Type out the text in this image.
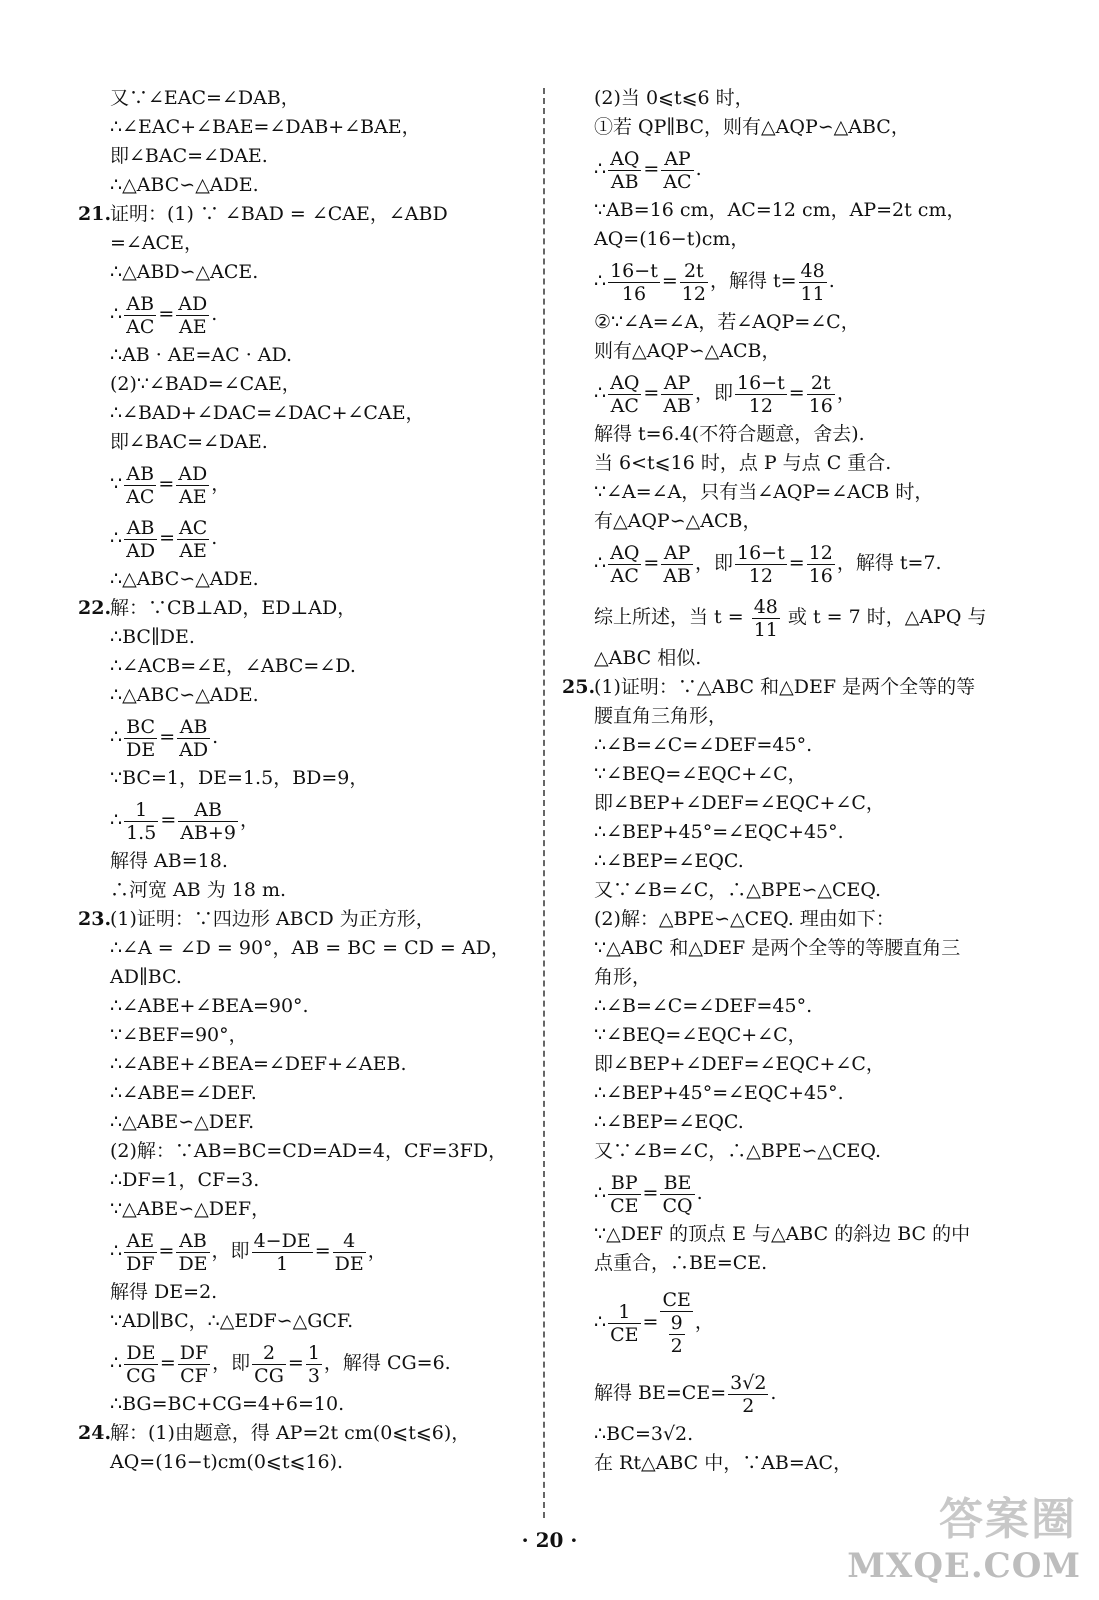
又∵∠EAC=∠DAB，
∴∠EAC+∠BAE=∠DAB+∠BAE，
即∠BAC=∠DAE.
∴△ABC∽△ADE.
21.证明：(1) ∵ ∠BAD = ∠CAE，∠ABD
=∠ACE，
∴△ABD∽△ACE.
∴ $\frac{AB}{AC} = \frac{AD}{AE}$ .
∴AB · AE=AC · AD.
(2)∵∠BAD=∠CAE，
∴∠BAD+∠DAC=∠DAC+∠CAE，
即∠BAC=∠DAE.
∵ $\frac{AB}{AC} = \frac{AD}{AE}$ ，
∴ $\frac{AB}{AD} = \frac{AC}{AE}$ .
∴△ABC∽△ADE.
22.解：∵CB⊥AD，ED⊥AD，
∴BC∥DE.
∴∠ACB=∠E，∠ABC=∠D.
∴△ABC∽△ADE.
∴ $\frac{BC}{DE} = \frac{AB}{AD}$ .
∵BC=1，DE=1.5，BD=9，
∴ $\frac{1}{1.5} = \frac{AB}{AB+9}$ ，
解得 AB=18.
∴河宽 AB 为 18 m.
23.(1)证明：∵四边形 ABCD 为正方形，
∴∠A = ∠D = 90°，AB = BC = CD = AD，
AD∥BC.
∴∠ABE+∠BEA=90°.
∵∠BEF=90°，
∴∠ABE+∠BEA=∠DEF+∠AEB.
∴∠ABE=∠DEF.
∴△ABE∽△DEF.
(2)解：∵AB=BC=CD=AD=4，CF=3FD，
∴DF=1，CF=3.
∵△ABE∽△DEF，
∴ $\frac{AE}{DF} = \frac{AB}{DE}$ ，即 $\frac{4-DE}{1} = \frac{4}{DE}$ ，
解得 DE=2.
∵AD∥BC，∴△EDF∽△GCF.
∴ $\frac{DE}{CG} = \frac{DF}{CF}$ ，即 $\frac{2}{CG} = \frac{1}{3}$ ，解得 CG=6.
∴BG=BC+CG=4+6=10.
24.解：(1)由题意，得 AP=2t cm(0⩽t⩽6)，
AQ=(16−t)cm(0⩽t⩽16).
(2)当 0⩽t⩽6 时，
①若 QP∥BC，则有△AQP∽△ABC，
∴ $\frac{AQ}{AB} = \frac{AP}{AC}$ .
∵AB=16 cm，AC=12 cm，AP=2t cm，
AQ=(16−t)cm，
∴ $\frac{16-t}{16} = \frac{2t}{12}$ ，解得 $t= \frac{48}{11}$ .
②∵∠A=∠A，若∠AQP=∠C，
则有△AQP∽△ACB，
∴ $\frac{AQ}{AC} = \frac{AP}{AB}$ ，即 $\frac{16-t}{12} = \frac{2t}{16}$ ，
解得 t=6.4(不符合题意，舍去).
当 6<t⩽16 时，点 P 与点 C 重合.
∵∠A=∠A，只有当∠AQP=∠ACB 时，
有△AQP∽△ACB，
∴ $\frac{AQ}{AC} = \frac{AP}{AB}$ ，即 $\frac{16-t}{12} = \frac{12}{16}$ ，解得 t=7.
综上所述，当 $t = \frac{48}{11}$ 或 t = 7 时，△APQ 与
△ABC 相似.
25.(1)证明：∵△ABC 和△DEF 是两个全等的等
腰直角三角形，
∴∠B=∠C=∠DEF=45°.
∵∠BEQ=∠EQC+∠C，
即∠BEP+∠DEF=∠EQC+∠C，
∴∠BEP+45°=∠EQC+45°.
∴∠BEP=∠EQC.
又∵∠B=∠C，∴△BPE∽△CEQ.
(2)解：△BPE∽△CEQ. 理由如下：
∵△ABC 和△DEF 是两个全等的等腰直角三
角形，
∴∠B=∠C=∠DEF=45°.
∵∠BEQ=∠EQC+∠C，
即∠BEP+∠DEF=∠EQC+∠C，
∴∠BEP+45°=∠EQC+45°.
∴∠BEP=∠EQC.
又∵∠B=∠C，∴△BPE∽△CEQ.
∴ $\frac{BP}{CE} = \frac{BE}{CQ}$ .
∵△DEF 的顶点 E 与△ABC 的斜边 BC 的中
点重合，∴BE=CE.
∴ $\frac{1}{CE} = \frac{CE}{\frac{9}{2}}$ ，
解得 $BE=CE= \frac{3√2}{2}$ .
∴BC=3√2.
在 Rt△ABC 中，∵AB=AC，
· 20 ·	答案圈
MXQE.COM
